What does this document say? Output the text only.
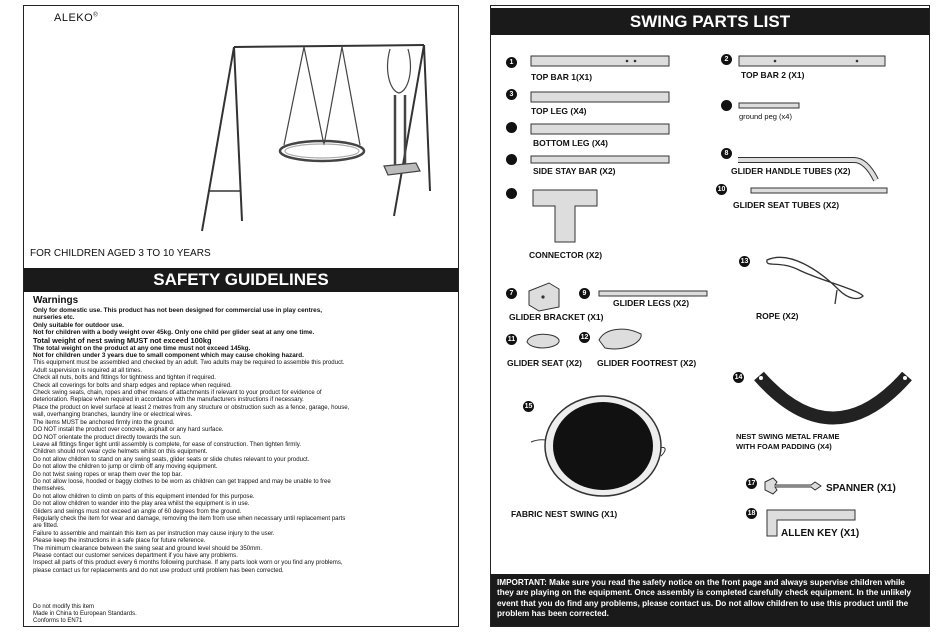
ALEKO®
FOR CHILDREN AGED 3 TO 10 YEARS
SAFETY GUIDELINES
Warnings
Only for domestic use. This product has not been designed for commercial use in play centres,
nurseries etc.
Only suitable for outdoor use.
Not for children with a body weight over 45kg. Only one child per glider seat at any one time.
Total weight of nest swing MUST not exceed 100kg
The total weight on the product at any one time must not exceed 145kg.
Not for children under 3 years due to small component which may cause choking hazard.
This equipment must be assembled and checked by an adult. Two adults may be required to assemble this product.
Adult supervision is required at all times.
Check all nuts, bolts and fittings for tightness and tighten if required.
Check all coverings for bolts and sharp edges and replace when required.
Check swing seats, chain, ropes and other means of attachments if relevant to your product for evidence of
deterioration. Replace when required in accordance with the manufacturers instructions if necessary.
Place the product on level surface at least 2 metres from any structure or obstruction such as a fence, garage, house,
wall, overhanging branches, laundry line or electrical wires.
The items MUST be anchored firmly into the ground.
DO NOT install the product over concrete, asphalt or any hard surface.
DO NOT orientate the product directly towards the sun.
Leave all fittings finger tight until assembly is complete, for ease of construction. Then tighten firmly.
Children should not wear cycle helmets whilst on this equipment.
Do not allow children to stand on any swing seats, glider seats or slide chutes relevant to your product.
Do not allow the children to jump or climb off any moving equipment.
Do not twist swing ropes or wrap them over the top bar.
Do not allow loose, hooded or baggy clothes to be worn as children can get trapped and may be unable to free
themselves.
Do not allow children to climb on parts of this equipment intended for this purpose.
Do not allow children to wander into the play area whilst the equipment is in use.
Gliders and swings must not exceed an angle of 60 degrees from the ground.
Regularly check the item for wear and damage, removing the item from use when necessary until replacement parts
are fitted.
Failure to assemble and maintain this item as per instruction may cause injury to the user.
Please keep the instructions in a safe place for future reference.
The minimum clearance between the swing seat and ground level should be 350mm.
Please contact our customer services department if you have any problems.
Inspect all parts of this product every 6 months following purchase. If any parts look worn or you find any problems,
please contact us for replacements and do not use product until problem has been corrected.
Do not modify this item
Made in China to European Standards.
Conforms to EN71
SWING PARTS LIST
1
TOP BAR 1(X1)
2
TOP BAR 2 (X1)
3
TOP LEG (X4)
ground peg (x4)
BOTTOM LEG (X4)
8
GLIDER HANDLE TUBES (X2)
SIDE STAY BAR (X2)
10
GLIDER SEAT TUBES (X2)
CONNECTOR (X2)
13
ROPE (X2)
7
GLIDER BRACKET (X1)
9
GLIDER LEGS (X2)
11
GLIDER SEAT (X2)
12
GLIDER FOOTREST (X2)
14
NEST SWING METAL FRAME
WITH FOAM PADDING (X4)
15
FABRIC NEST SWING (X1)
17	SPANNER (X1)
18
ALLEN KEY (X1)
IMPORTANT: Make sure you read the safety notice on the front page and always supervise children while they are playing on the equipment. Once assembly is completed carefully check equipment. In the unlikely event that you do find any problems, please contact us. Do not allow children to use this product until the problem has been corrected.
